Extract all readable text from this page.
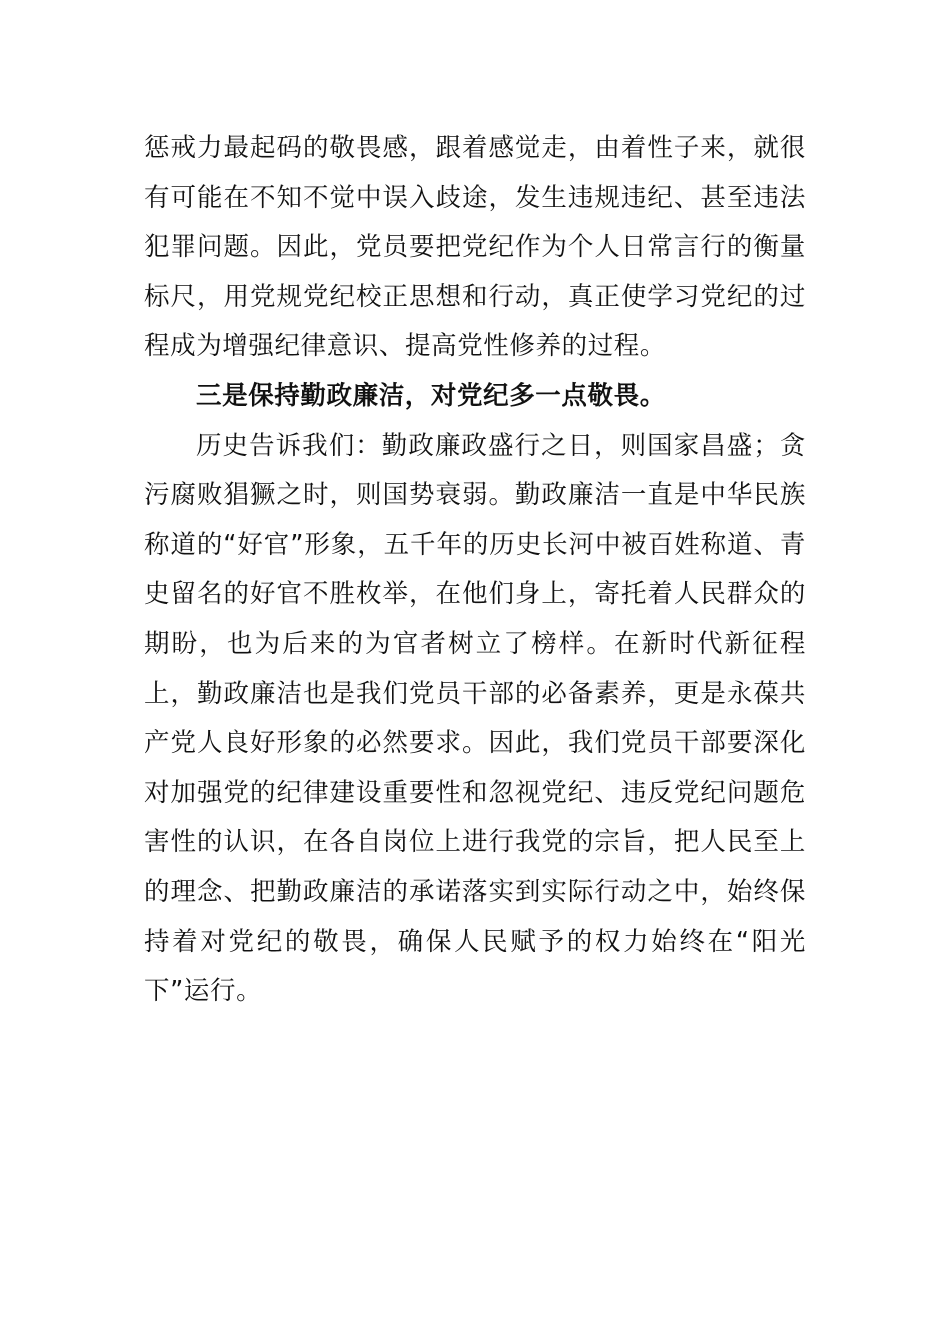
惩戒力最起码的敬畏感，跟着感觉走，由着性子来，就很有可能在不知不觉中误入歧途，发生违规违纪、甚至违法犯罪问题。因此，党员要把党纪作为个人日常言行的衡量标尺，用党规党纪校正思想和行动，真正使学习党纪的过程成为增强纪律意识、提高党性修养的过程。

三是保持勤政廉洁，对党纪多一点敬畏。

历史告诉我们：勤政廉政盛行之日，则国家昌盛；贪污腐败猖獗之时，则国势衰弱。勤政廉洁一直是中华民族称道的“好官”形象，五千年的历史长河中被百姓称道、青史留名的好官不胜枚举，在他们身上，寄托着人民群众的期盼，也为后来的为官者树立了榜样。在新时代新征程上，勤政廉洁也是我们党员干部的必备素养，更是永葆共产党人良好形象的必然要求。因此，我们党员干部要深化对加强党的纪律建设重要性和忽视党纪、违反党纪问题危害性的认识，在各自岗位上进行我党的宗旨，把人民至上的理念、把勤政廉洁的承诺落实到实际行动之中，始终保持着对党纪的敬畏，确保人民赋予的权力始终在“阳光下”运行。
